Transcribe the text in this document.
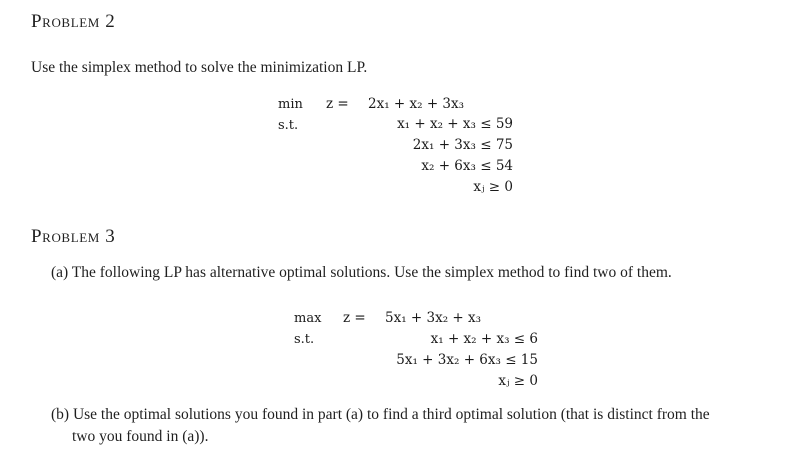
Problem 2
Use the simplex method to solve the minimization LP.
min z = 2x₁ + x₂ + 3x₃
s.t.	x₁ + x₂ + x₃ ≤ 59
2x₁ + 3x₃ ≤ 75
x₂ + 6x₃ ≤ 54
xⱼ ≥ 0
Problem 3
(a) The following LP has alternative optimal solutions. Use the simplex method to find two of them.
max z = 5x₁ + 3x₂ + x₃
s.t.	x₁ + x₂ + x₃ ≤ 6
5x₁ + 3x₂ + 6x₃ ≤ 15
xⱼ ≥ 0
(b) Use the optimal solutions you found in part (a) to find a third optimal solution (that is distinct from the
two you found in (a)).
